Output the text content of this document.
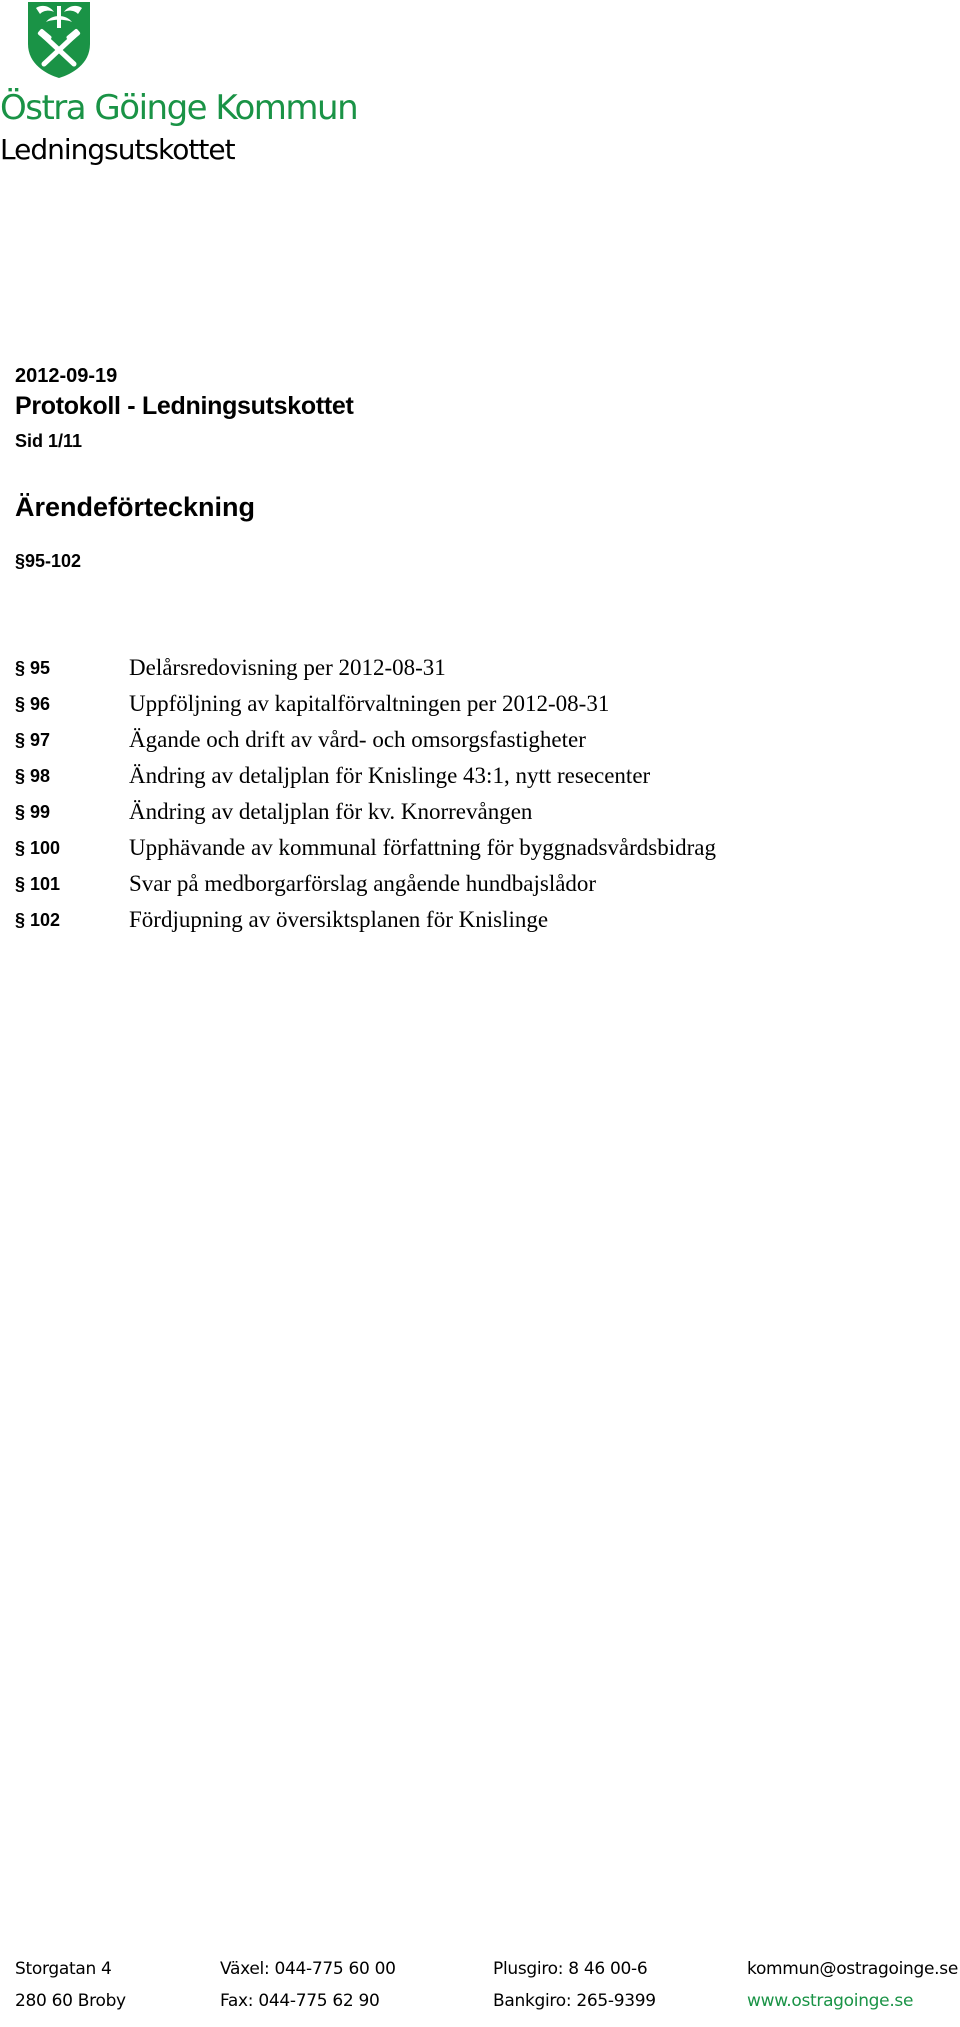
Östra Göinge Kommun
Ledningsutskottet
2012-09-19
Protokoll - Ledningsutskottet
Sid 1/11
Ärendeförteckning
§95-102
§ 95	Delårsredovisning per 2012-08-31
§ 96	Uppföljning av kapitalförvaltningen per 2012-08-31
§ 97	Ägande och drift av vård- och omsorgsfastigheter
§ 98	Ändring av detaljplan för Knislinge 43:1, nytt resecenter
§ 99	Ändring av detaljplan för kv. Knorrevången
§ 100	Upphävande av kommunal författning för byggnadsvårdsbidrag
§ 101	Svar på medborgarförslag angående hundbajslådor
§ 102	Fördjupning av översiktsplanen för Knislinge
Storgatan 4
280 60 Broby
Växel: 044-775 60 00
Fax: 044-775 62 90
Plusgiro: 8 46 00-6
Bankgiro: 265-9399
kommun@ostragoinge.se
www.ostragoinge.se
